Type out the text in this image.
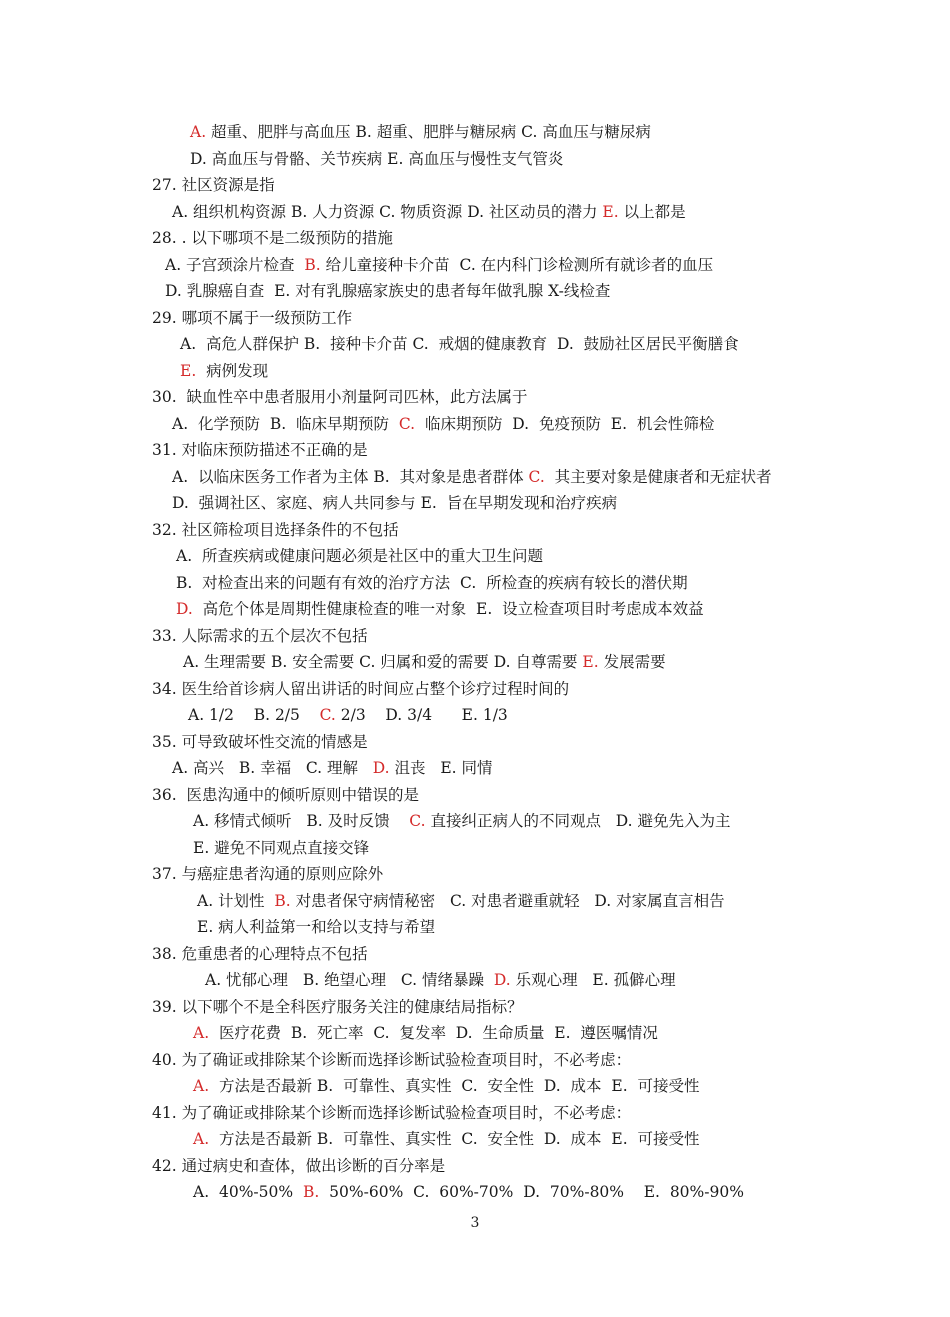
3
A. 超重、肥胖与高血压 B. 超重、肥胖与糖尿病 C. 高血压与糖尿病
D. 高血压与骨骼、关节疾病 E. 高血压与慢性支气管炎
27. 社区资源是指
A. 组织机构资源 B. 人力资源 C. 物质资源 D. 社区动员的潜力 E. 以上都是
28. . 以下哪项不是二级预防的措施
A. 子宫颈涂片检查  B. 给儿童接种卡介苗  C. 在内科门诊检测所有就诊者的血压
D. 乳腺癌自查  E. 对有乳腺癌家族史的患者每年做乳腺 X-线检查
29. 哪项不属于一级预防工作
A.  高危人群保护 B.  接种卡介苗 C.  戒烟的健康教育  D.  鼓励社区居民平衡膳食
E.  病例发现
30.  缺血性卒中患者服用小剂量阿司匹林，此方法属于
A.  化学预防  B.  临床早期预防  C.  临床期预防  D.  免疫预防  E.  机会性筛检
31. 对临床预防描述不正确的是
A.  以临床医务工作者为主体 B.  其对象是患者群体 C.  其主要对象是健康者和无症状者
D.  强调社区、家庭、病人共同参与 E.  旨在早期发现和治疗疾病
32. 社区筛检项目选择条件的不包括
A.  所查疾病或健康问题必须是社区中的重大卫生问题
B.  对检查出来的问题有有效的治疗方法  C.  所检查的疾病有较长的潜伏期
D.  高危个体是周期性健康检查的唯一对象  E.  设立检查项目时考虑成本效益
33. 人际需求的五个层次不包括
A. 生理需要 B. 安全需要 C. 归属和爱的需要 D. 自尊需要 E. 发展需要
34. 医生给首诊病人留出讲话的时间应占整个诊疗过程时间的
A. 1/2    B. 2/5    C. 2/3    D. 3/4      E. 1/3
35. 可导致破坏性交流的情感是
A. 高兴   B. 幸福   C. 理解   D. 沮丧   E. 同情
36.  医患沟通中的倾听原则中错误的是
A. 移情式倾听   B. 及时反馈    C. 直接纠正病人的不同观点   D. 避免先入为主
E. 避免不同观点直接交锋
37. 与癌症患者沟通的原则应除外
A. 计划性  B. 对患者保守病情秘密   C. 对患者避重就轻   D. 对家属直言相告
E. 病人利益第一和给以支持与希望
38. 危重患者的心理特点不包括
A. 忧郁心理   B. 绝望心理   C. 情绪暴躁  D. 乐观心理   E. 孤僻心理
39. 以下哪个不是全科医疗服务关注的健康结局指标？
A.  医疗花费  B.  死亡率  C.  复发率  D.  生命质量  E.  遵医嘱情况
40. 为了确证或排除某个诊断而选择诊断试验检查项目时，不必考虑：
A.  方法是否最新 B.  可靠性、真实性  C.  安全性  D.  成本  E.  可接受性
41. 为了确证或排除某个诊断而选择诊断试验检查项目时，不必考虑：
A.  方法是否最新 B.  可靠性、真实性  C.  安全性  D.  成本  E.  可接受性
42. 通过病史和查体，做出诊断的百分率是
A.  40%-50%  B.  50%-60%  C.  60%-70%  D.  70%-80%    E.  80%-90%
